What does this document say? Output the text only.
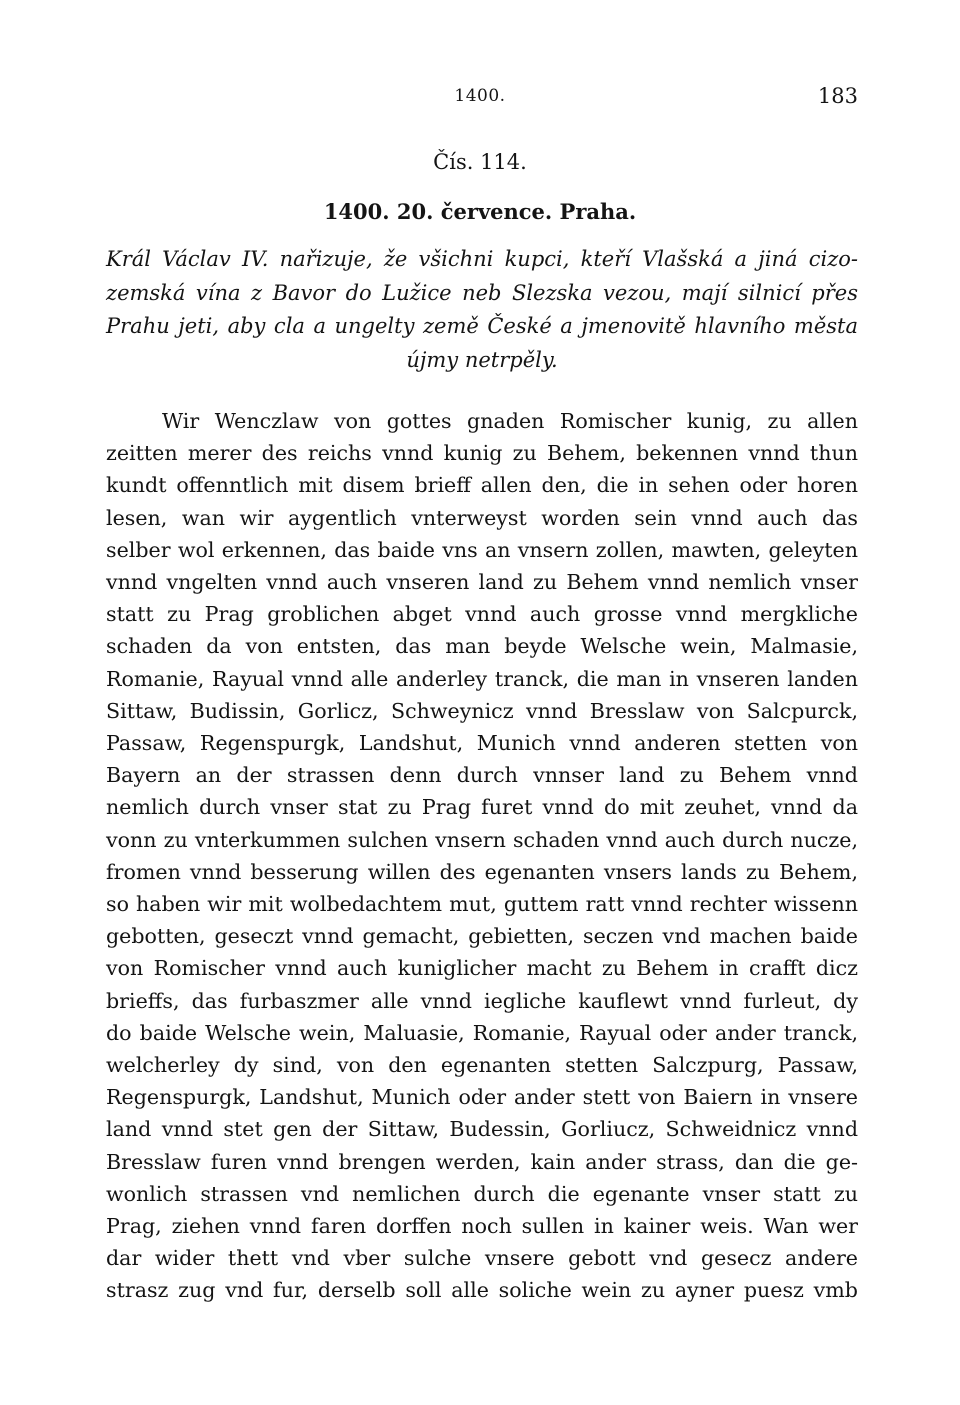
1400.	183
Čís. 114.
1400. 20. července. Praha.
Král Václav IV. nařizuje, že všichni kupci, kteří Vlašská a jiná cizo-
zemská vína z Bavor do Lužice neb Slezska vezou, mají silnicí přes
Prahu jeti, aby cla a ungelty země České a jmenovitě hlavního města
újmy netrpěly.
Wir Wenczlaw von gottes gnaden Romischer kunig, zu allen
zeitten merer des reichs vnnd kunig zu Behem, bekennen vnnd thun
kundt offenntlich mit disem brieff allen den, die in sehen oder horen
lesen, wan wir aygentlich vnterweyst worden sein vnnd auch das
selber wol erkennen, das baide vns an vnsern zollen, mawten, geleyten
vnnd vngelten vnnd auch vnseren land zu Behem vnnd nemlich vnser
statt zu Prag groblichen abget vnnd auch grosse vnnd mergkliche
schaden da von entsten, das man beyde Welsche wein, Malmasie,
Romanie, Rayual vnnd alle anderley tranck, die man in vnseren landen
Sittaw, Budissin, Gorlicz, Schweynicz vnnd Bresslaw von Salcpurck,
Passaw, Regenspurgk, Landshut, Munich vnnd anderen stetten von
Bayern an der strassen denn durch vnnser land zu Behem vnnd
nemlich durch vnser stat zu Prag furet vnnd do mit zeuhet, vnnd da
vonn zu vnterkummen sulchen vnsern schaden vnnd auch durch nucze,
fromen vnnd besserung willen des egenanten vnsers lands zu Behem,
so haben wir mit wolbedachtem mut, guttem ratt vnnd rechter wissenn
gebotten, geseczt vnnd gemacht, gebietten, seczen vnd machen baide
von Romischer vnnd auch kuniglicher macht zu Behem in crafft dicz
brieffs, das furbaszmer alle vnnd iegliche kauflewt vnnd furleut, dy
do baide Welsche wein, Maluasie, Romanie, Rayual oder ander tranck,
welcherley dy sind, von den egenanten stetten Salczpurg, Passaw,
Regenspurgk, Landshut, Munich oder ander stett von Baiern in vnsere
land vnnd stet gen der Sittaw, Budessin, Gorliucz, Schweidnicz vnnd
Bresslaw furen vnnd brengen werden, kain ander strass, dan die ge-
wonlich strassen vnd nemlichen durch die egenante vnser statt zu
Prag, ziehen vnnd faren dorffen noch sullen in kainer weis. Wan wer
dar wider thett vnd vber sulche vnsere gebott vnd gesecz andere
strasz zug vnd fur, derselb soll alle soliche wein zu ayner puesz vmb
